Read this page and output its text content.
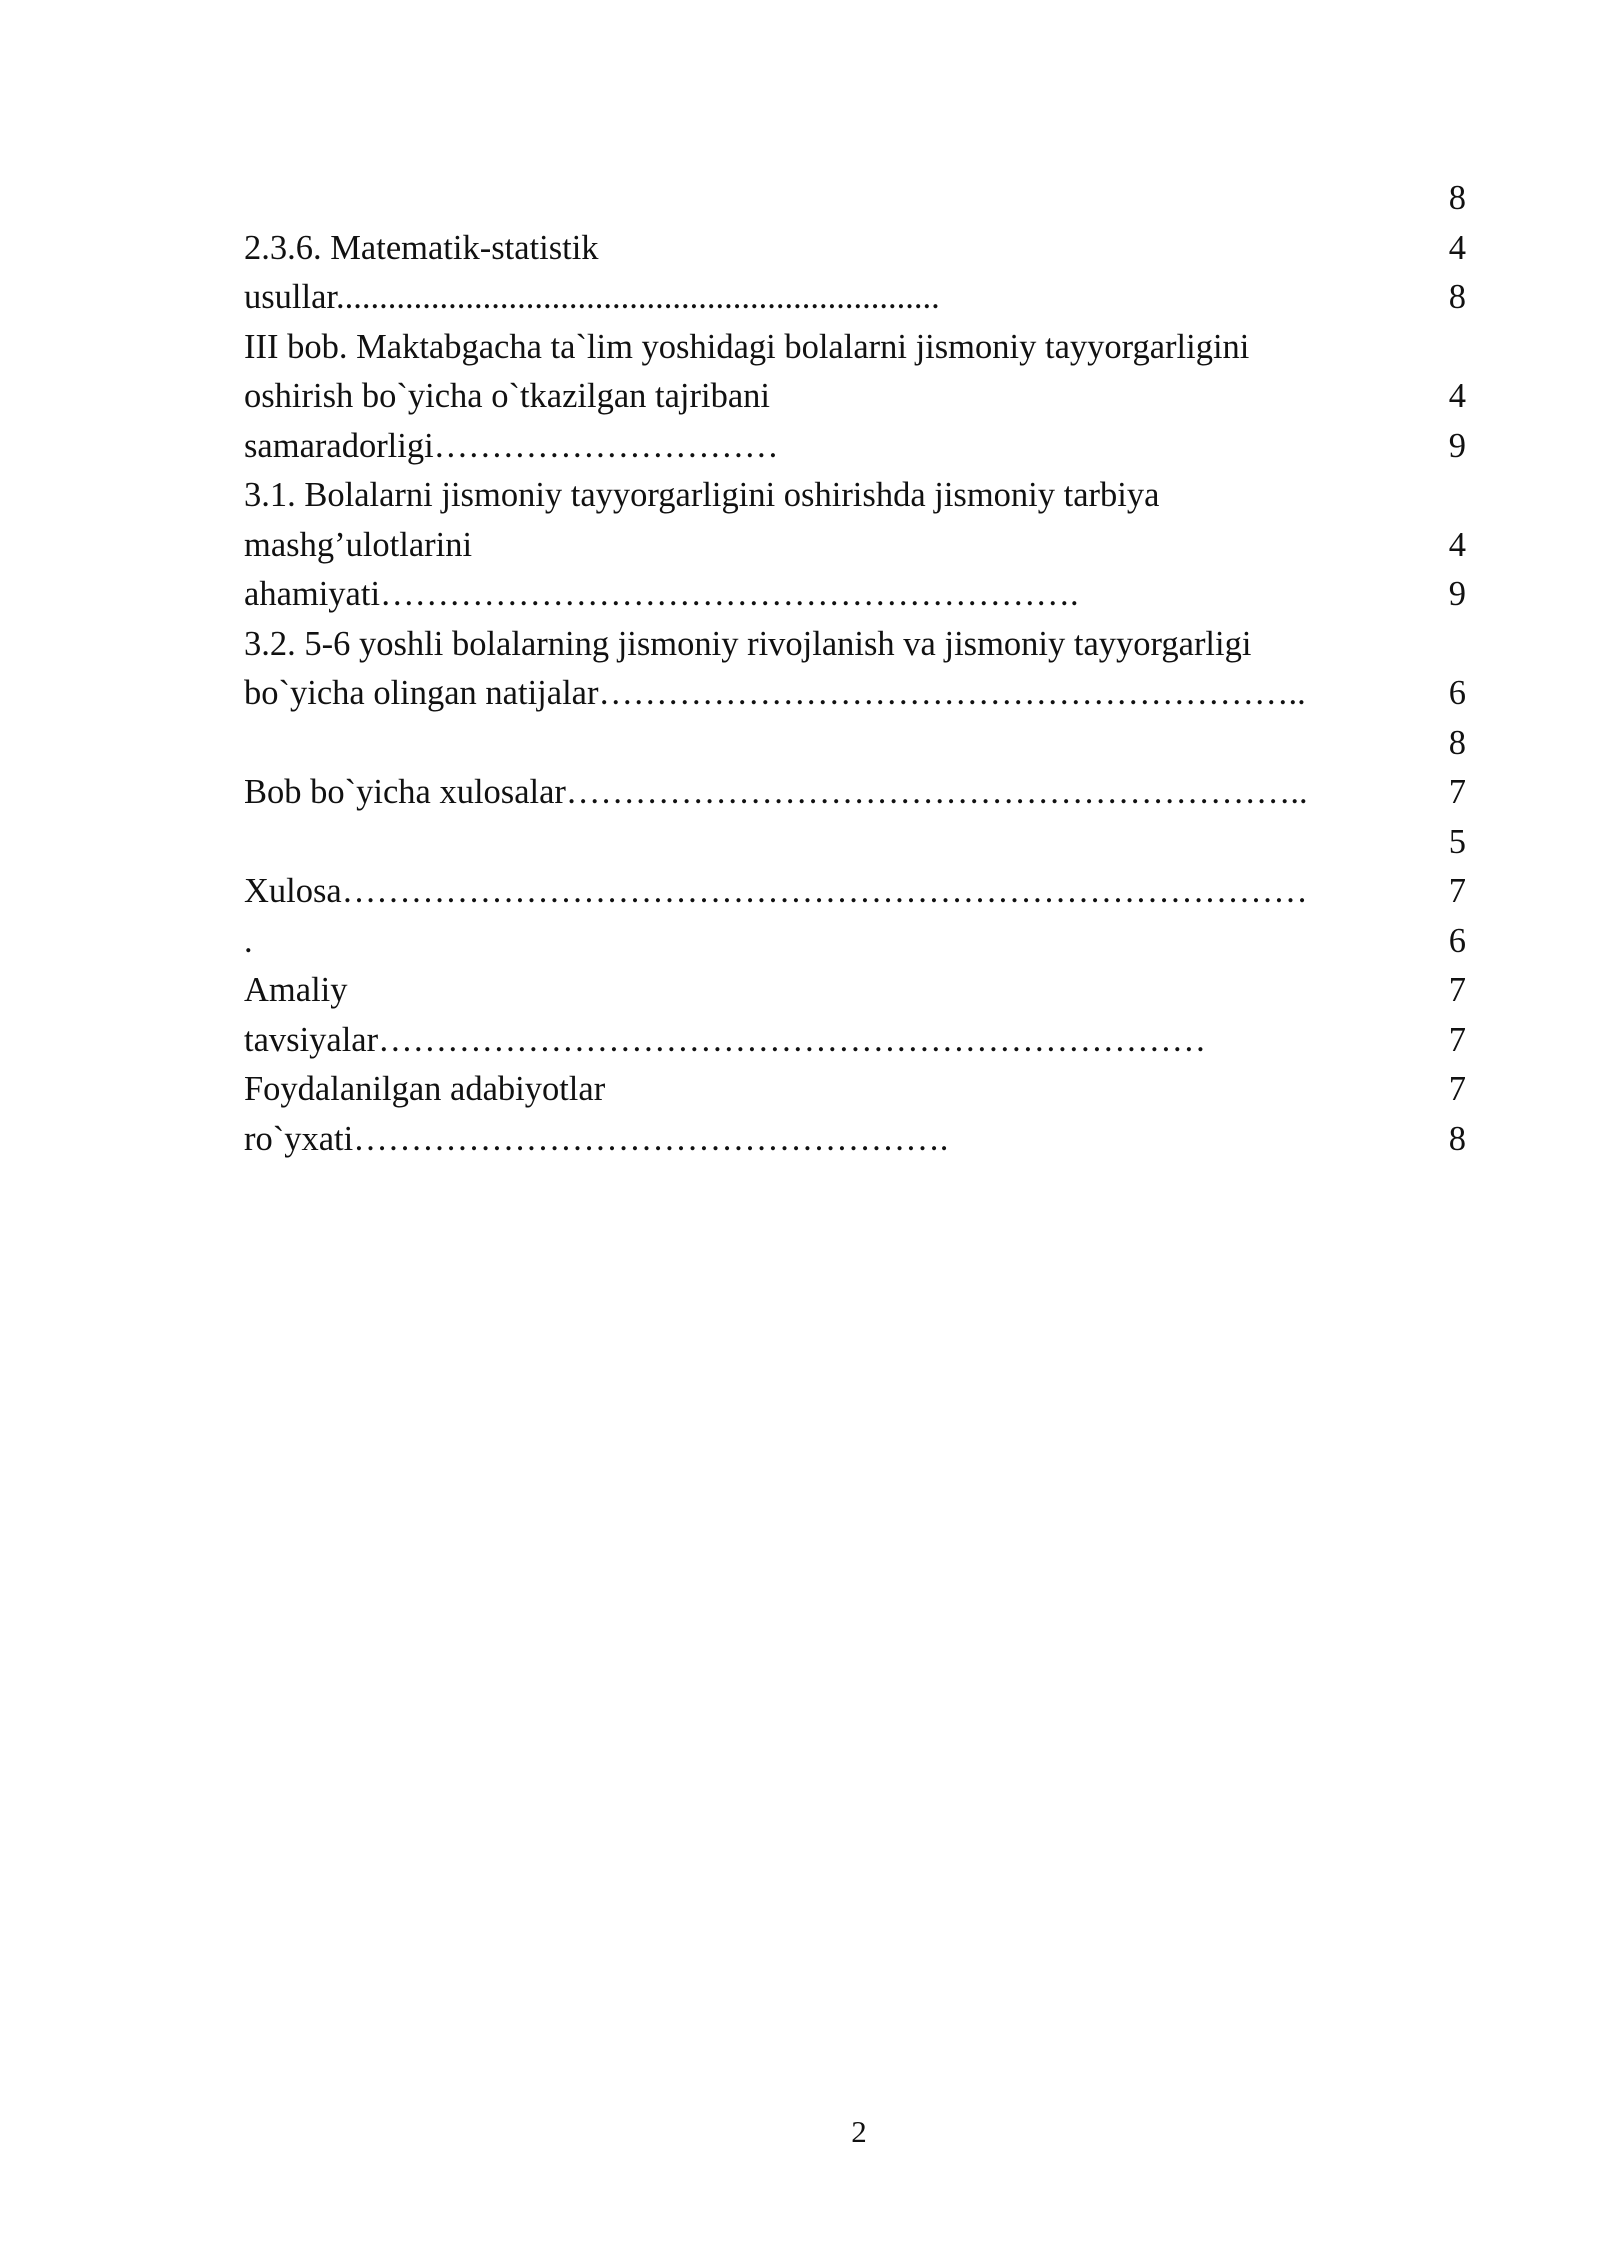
8
2.3.6. Matematik-statistik	4
usullar......................................................................	8
III bob. Maktabgacha ta`lim yoshidagi bolalarni jismoniy tayyorgarligini
oshirish bo`yicha o`tkazilgan tajribani	4
samaradorligi…………………………	9
3.1. Bolalarni jismoniy tayyorgarligini oshirishda jismoniy tarbiya
mashg’ulotlarini	4
ahamiyati…………………………………………………….	9
3.2. 5-6 yoshli bolalarning jismoniy rivojlanish va jismoniy tayyorgarligi
bo`yicha olingan natijalar……………………………………………………..	6
8
Bob bo`yicha xulosalar………………………………………………………..	7
5
Xulosa…………………………………………………………………………	7
.	6
Amaliy	7
tavsiyalar………………………………………………………………	7
Foydalanilgan adabiyotlar	7
ro`yxati…………………………………………….	8
2
